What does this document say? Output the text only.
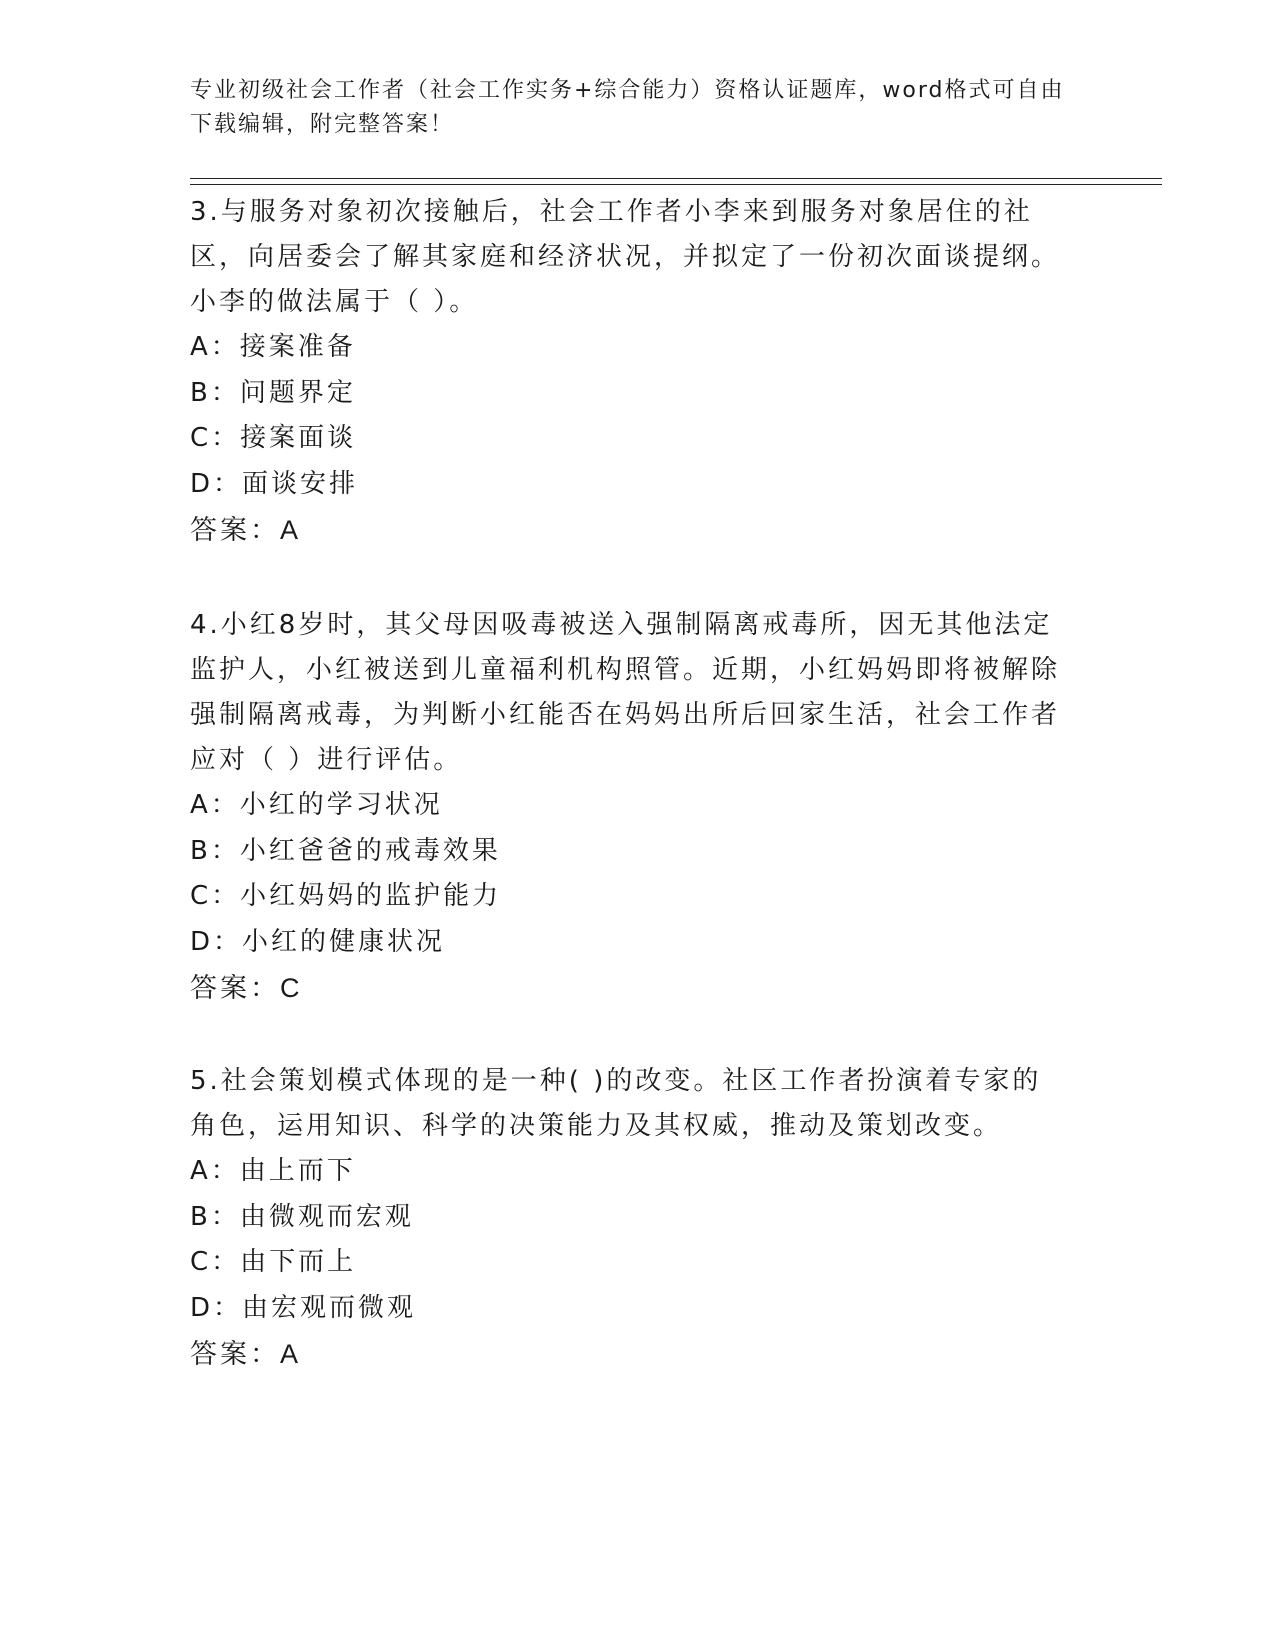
专业初级社会工作者（社会工作实务+综合能力）资格认证题库，word格式可自由
下载编辑，附完整答案！
3.与服务对象初次接触后，社会工作者小李来到服务对象居住的社区，向居委会了解其家庭和经济状况，并拟定了一份初次面谈提纲。小李的做法属于（ ）。
A：接案准备
B：问题界定
C：接案面谈
D：面谈安排
答案：A
4.小红8岁时，其父母因吸毒被送入强制隔离戒毒所，因无其他法定监护人，小红被送到儿童福利机构照管。近期，小红妈妈即将被解除强制隔离戒毒，为判断小红能否在妈妈出所后回家生活，社会工作者应对（ ）进行评估。
A：小红的学习状况
B：小红爸爸的戒毒效果
C：小红妈妈的监护能力
D：小红的健康状况
答案：C
5.社会策划模式体现的是一种( )的改变。社区工作者扮演着专家的角色，运用知识、科学的决策能力及其权威，推动及策划改变。
A：由上而下
B：由微观而宏观
C：由下而上
D：由宏观而微观
答案：A
